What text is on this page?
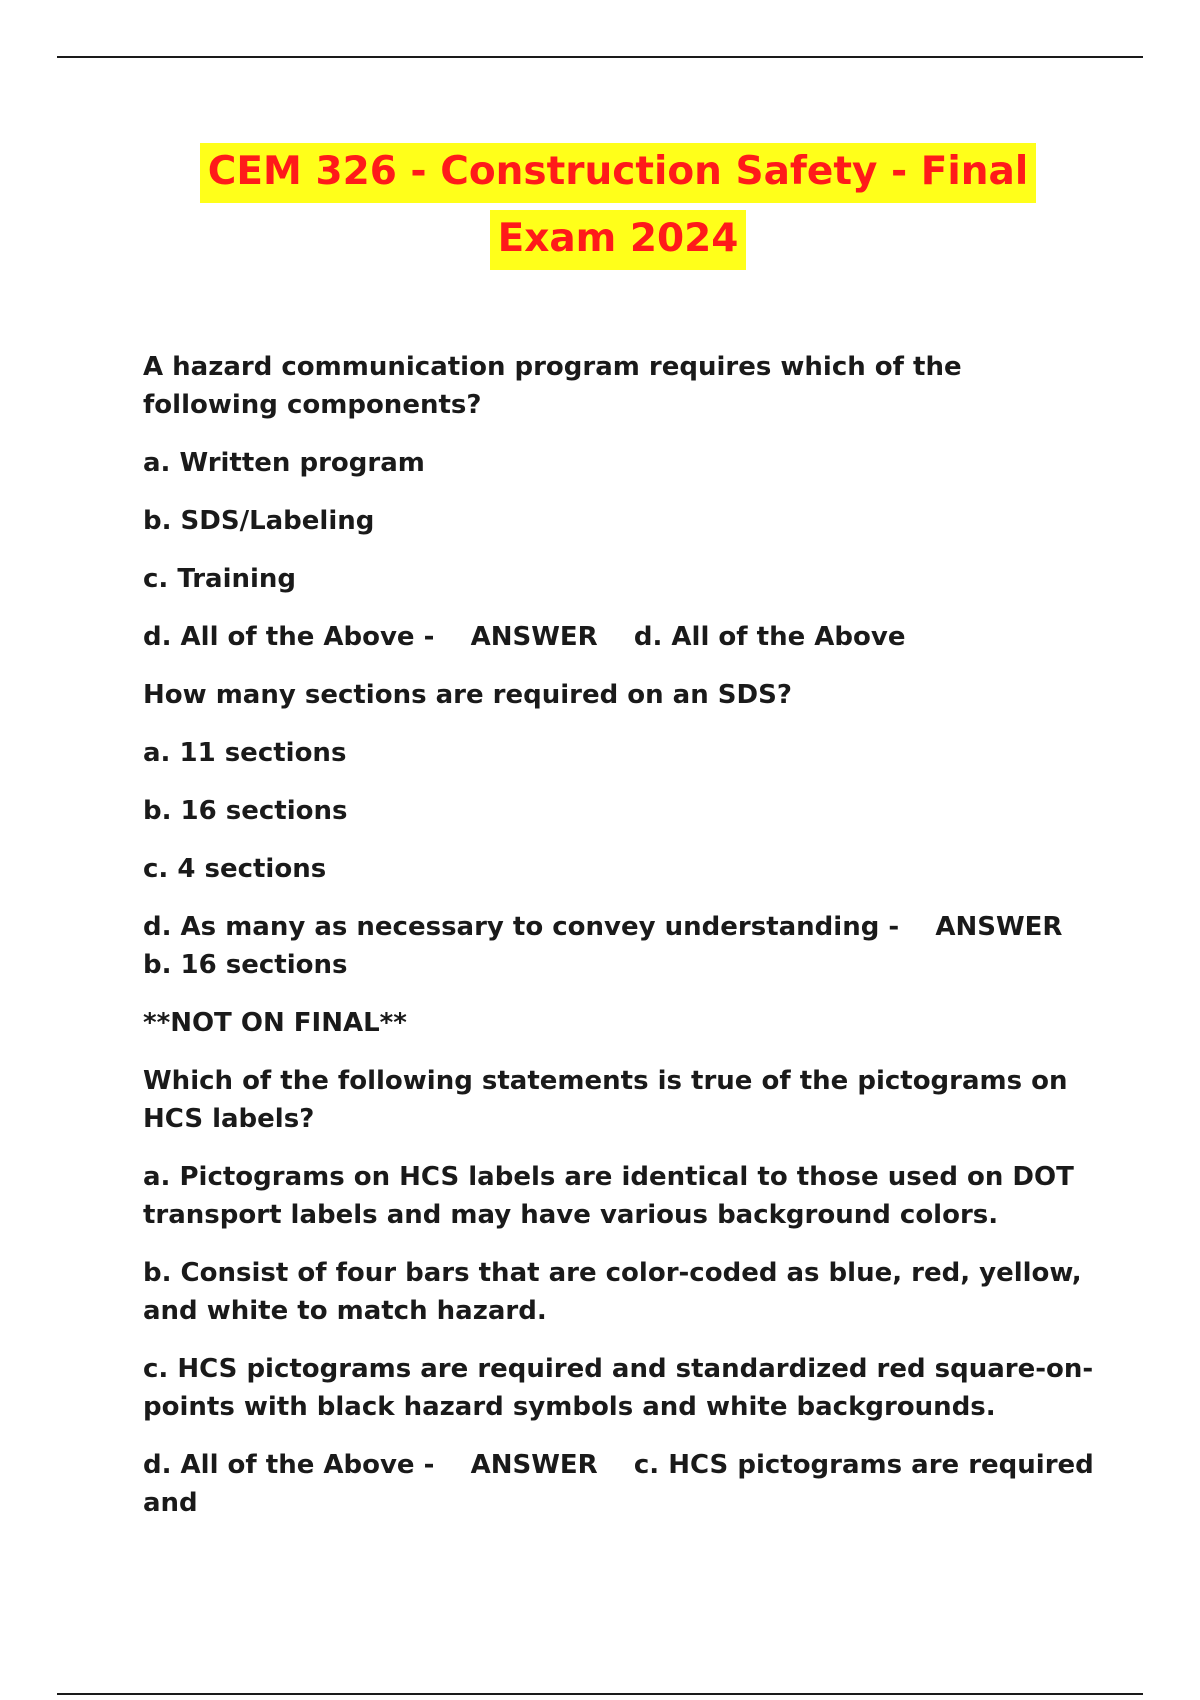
CEM 326 - Construction Safety - Final
Exam 2024
A hazard communication program requires which of the following components?
a. Written program
b. SDS/Labeling
c. Training
d. All of the Above -    ANSWER    d. All of the Above
How many sections are required on an SDS?
a. 11 sections
b. 16 sections
c. 4 sections
d. As many as necessary to convey understanding -    ANSWER    b. 16 sections
**NOT ON FINAL**
Which of the following statements is true of the pictograms on HCS labels?
a. Pictograms on HCS labels are identical to those used on DOT transport labels and may have various background colors.
b. Consist of four bars that are color-coded as blue, red, yellow, and white to match hazard.
c. HCS pictograms are required and standardized red square-on-points with black hazard symbols and white backgrounds.
d. All of the Above -    ANSWER    c. HCS pictograms are required and
